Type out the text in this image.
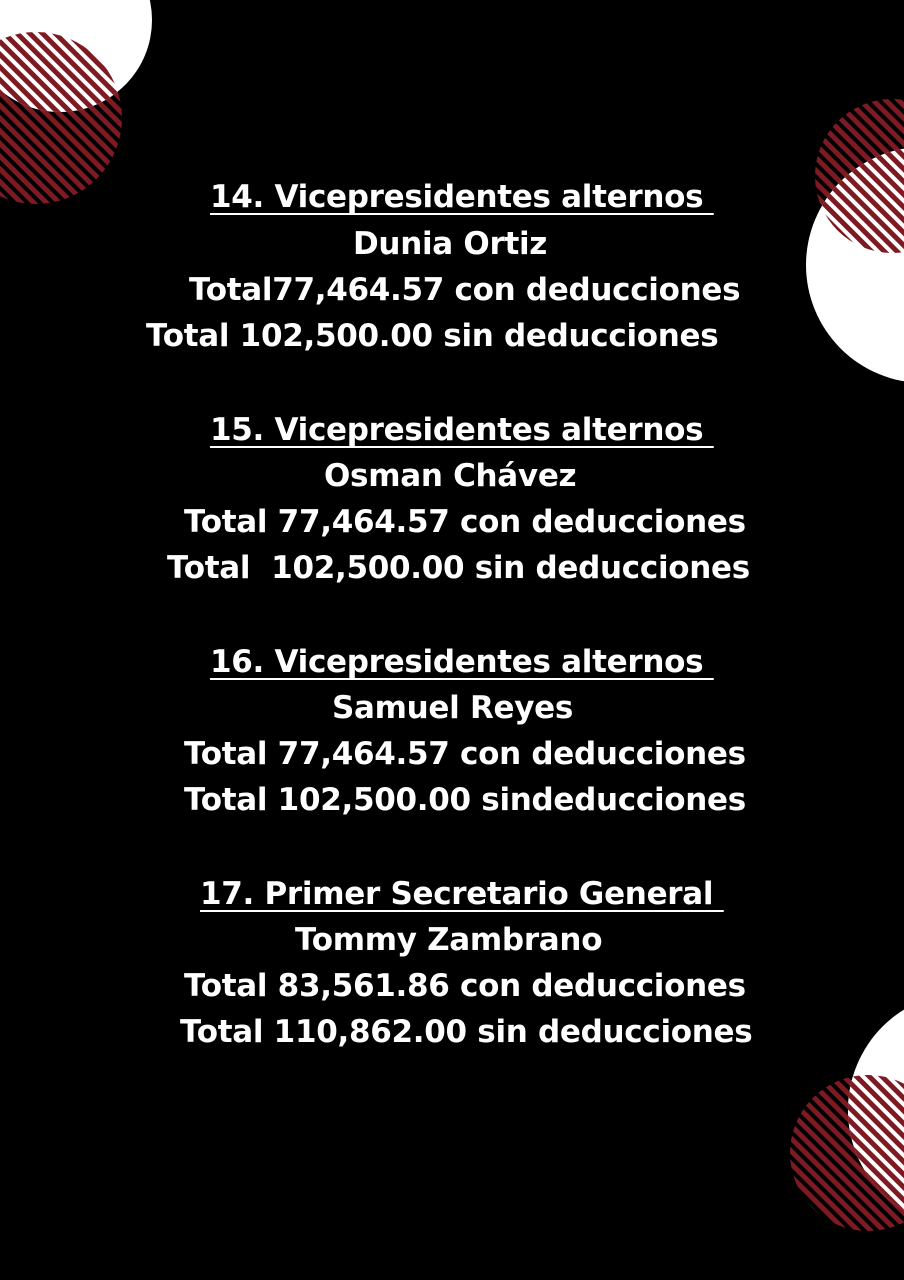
14. Vicepresidentes alternos

Dunia Ortiz

Total77,464.57 con deducciones

Total 102,500.00 sin deducciones

15. Vicepresidentes alternos

Osman Chávez

Total 77,464.57 con deducciones

Total  102,500.00 sin deducciones

16. Vicepresidentes alternos

Samuel Reyes

Total 77,464.57 con deducciones

Total 102,500.00 sindeducciones

17. Primer Secretario General

Tommy Zambrano

Total 83,561.86 con deducciones

Total 110,862.00 sin deducciones
